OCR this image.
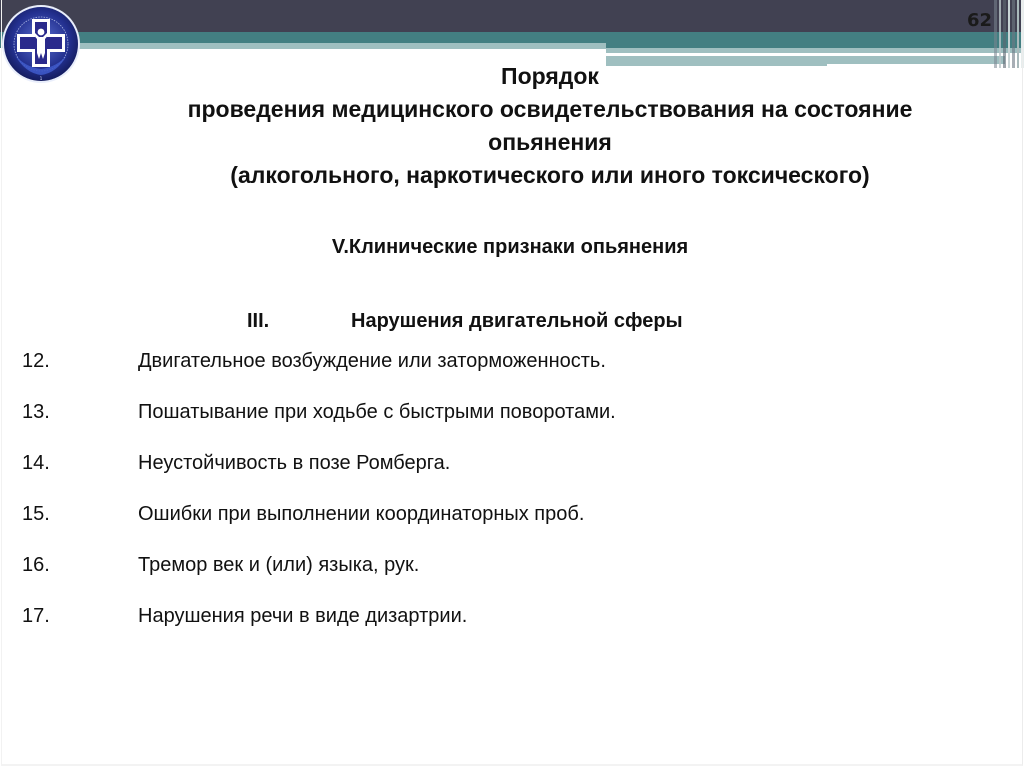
62
1	Порядок
проведения медицинского освидетельствования на состояние
опьянения
(алкогольного, наркотического или иного токсического)
V.Клинические признаки опьянения
III.	Нарушения двигательной сферы
12.	Двигательное возбуждение или заторможенность.
13.	Пошатывание при ходьбе с быстрыми поворотами.
14.	Неустойчивость в позе Ромберга.
15.	Ошибки при выполнении координаторных проб.
16.	Тремор век и (или) языка, рук.
17.	Нарушения речи в виде дизартрии.
